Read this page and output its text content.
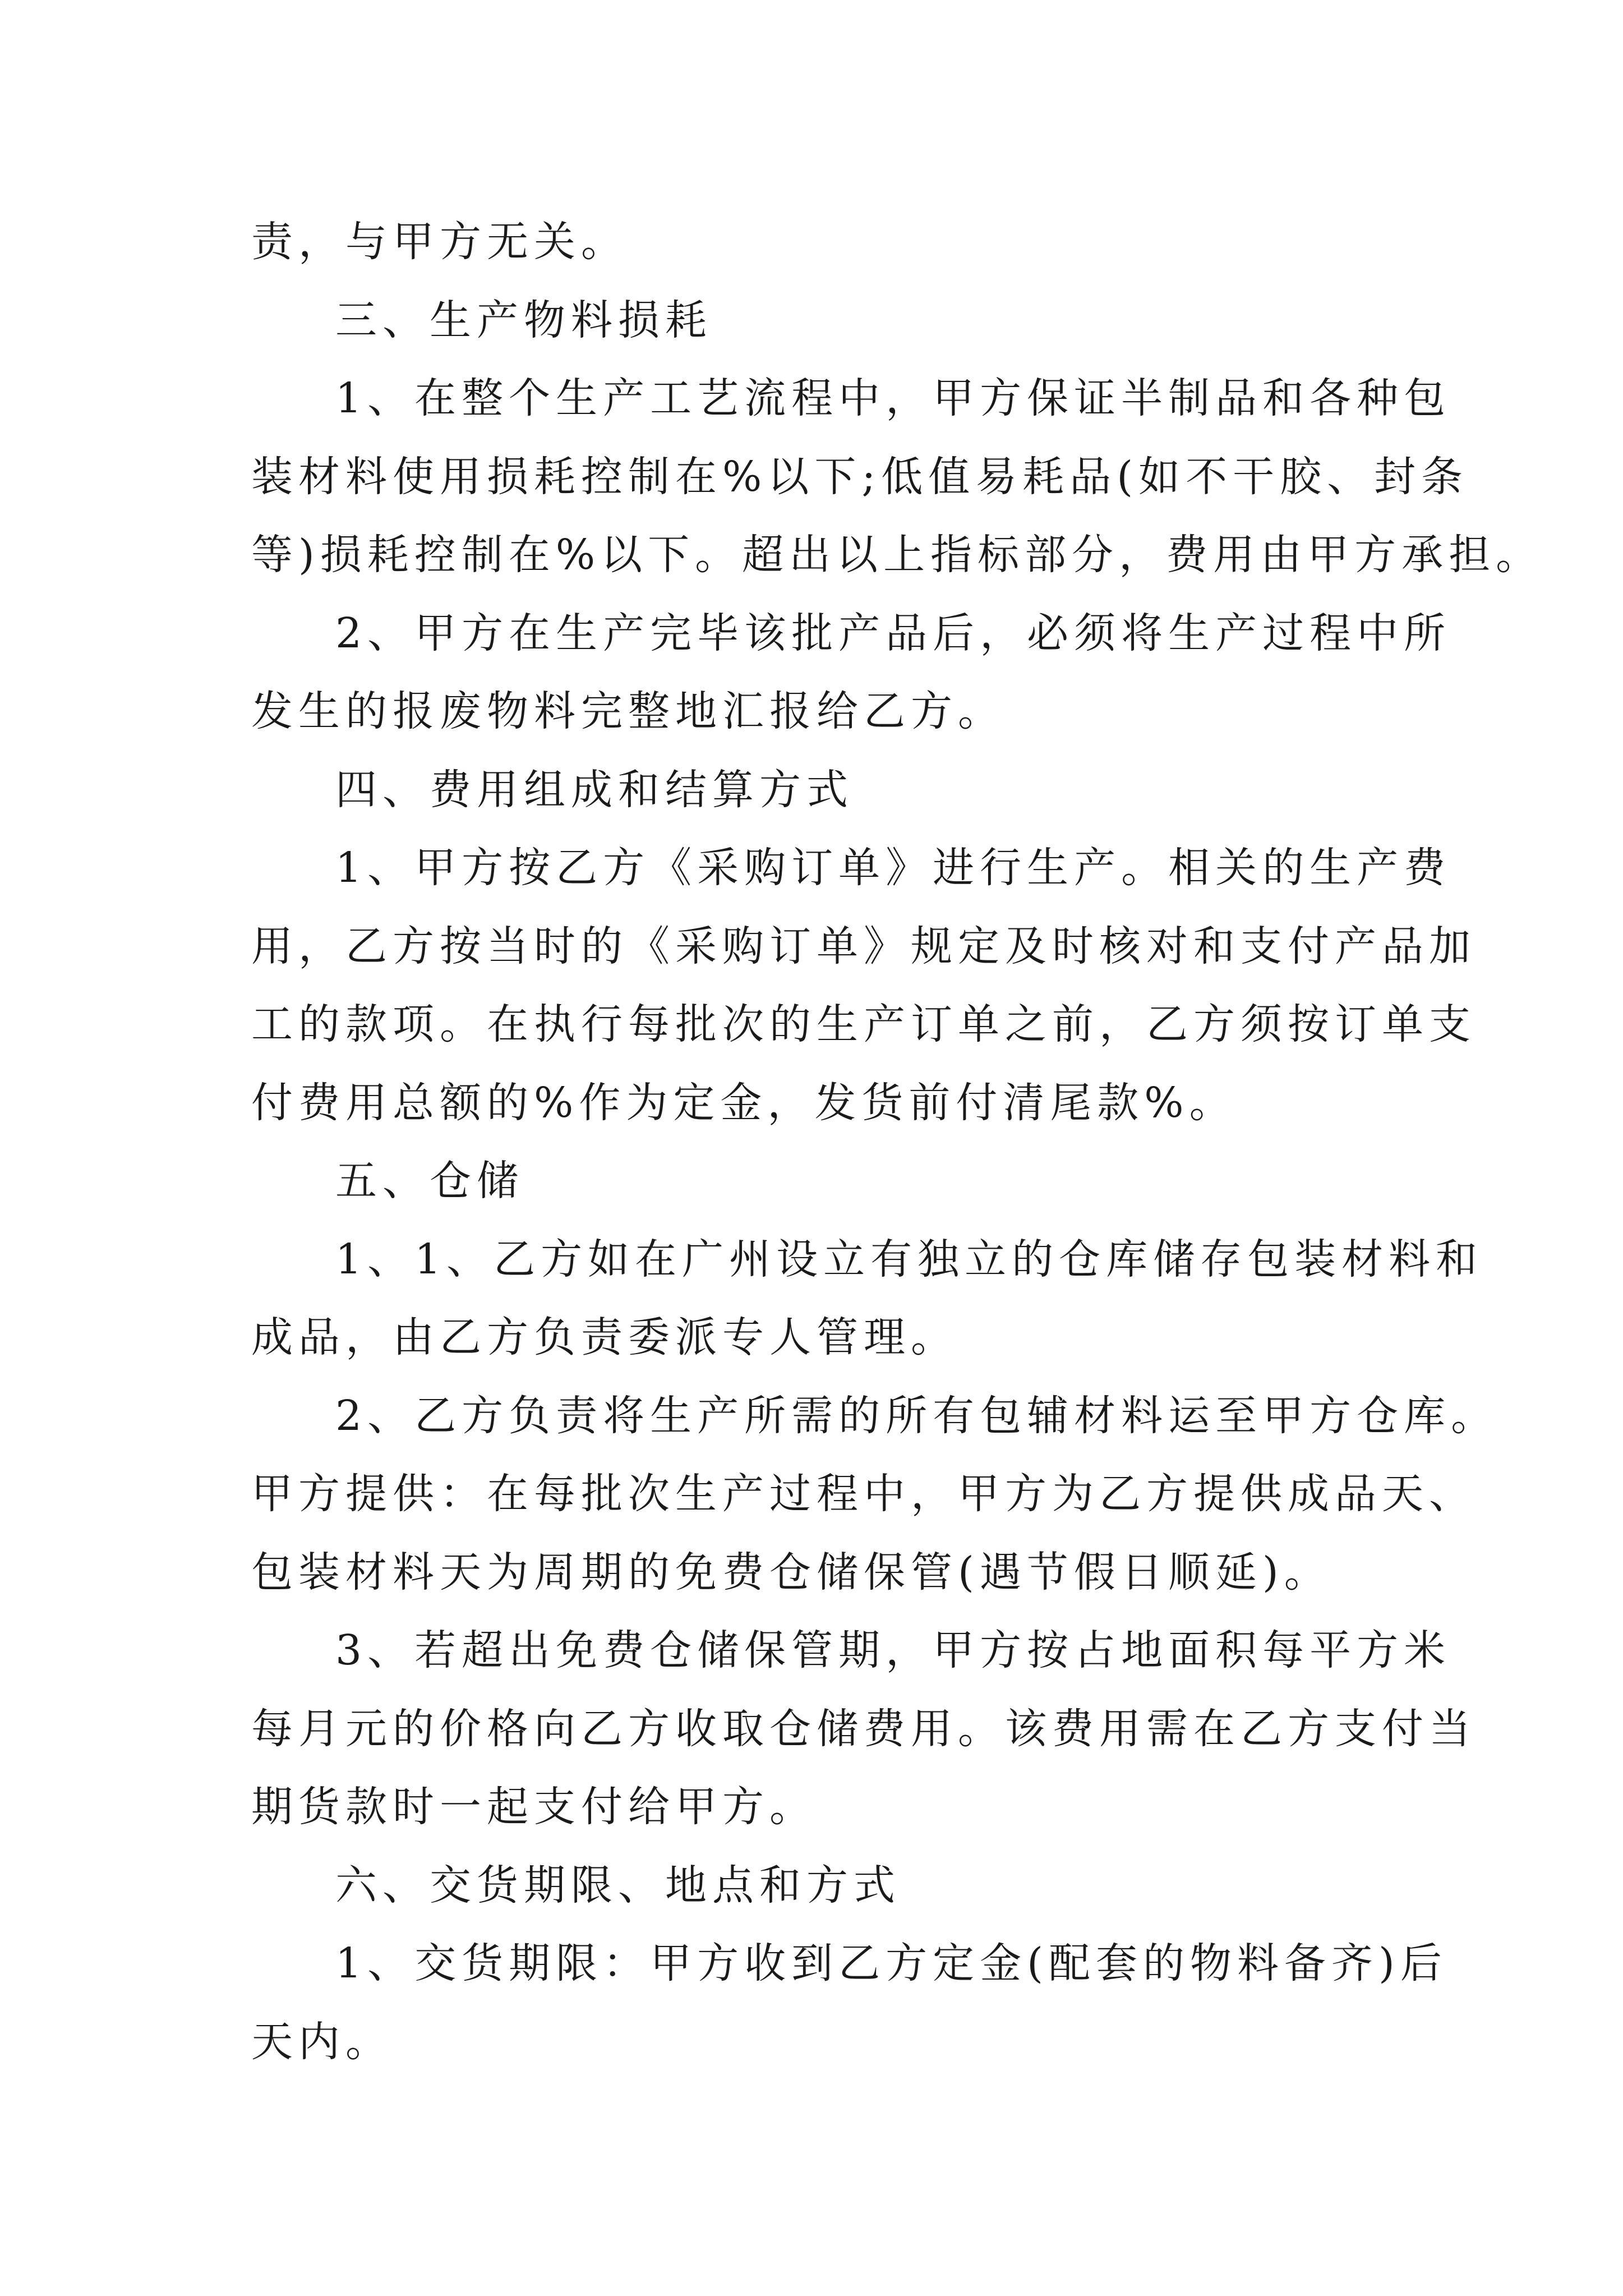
责，与甲方无关。
三、生产物料损耗
1、在整个生产工艺流程中，甲方保证半制品和各种包
装材料使用损耗控制在%以下;低值易耗品(如不干胶、封条
等)损耗控制在%以下。超出以上指标部分，费用由甲方承担。
2、甲方在生产完毕该批产品后，必须将生产过程中所
发生的报废物料完整地汇报给乙方。
四、费用组成和结算方式
1、甲方按乙方《采购订单》进行生产。相关的生产费
用，乙方按当时的《采购订单》规定及时核对和支付产品加
工的款项。在执行每批次的生产订单之前，乙方须按订单支
付费用总额的%作为定金，发货前付清尾款%。
五、仓储
1、1、乙方如在广州设立有独立的仓库储存包装材料和
成品，由乙方负责委派专人管理。
2、乙方负责将生产所需的所有包辅材料运至甲方仓库。
甲方提供：在每批次生产过程中，甲方为乙方提供成品天、
包装材料天为周期的免费仓储保管(遇节假日顺延)。
3、若超出免费仓储保管期，甲方按占地面积每平方米
每月元的价格向乙方收取仓储费用。该费用需在乙方支付当
期货款时一起支付给甲方。
六、交货期限、地点和方式
1、交货期限：甲方收到乙方定金(配套的物料备齐)后
天内。
